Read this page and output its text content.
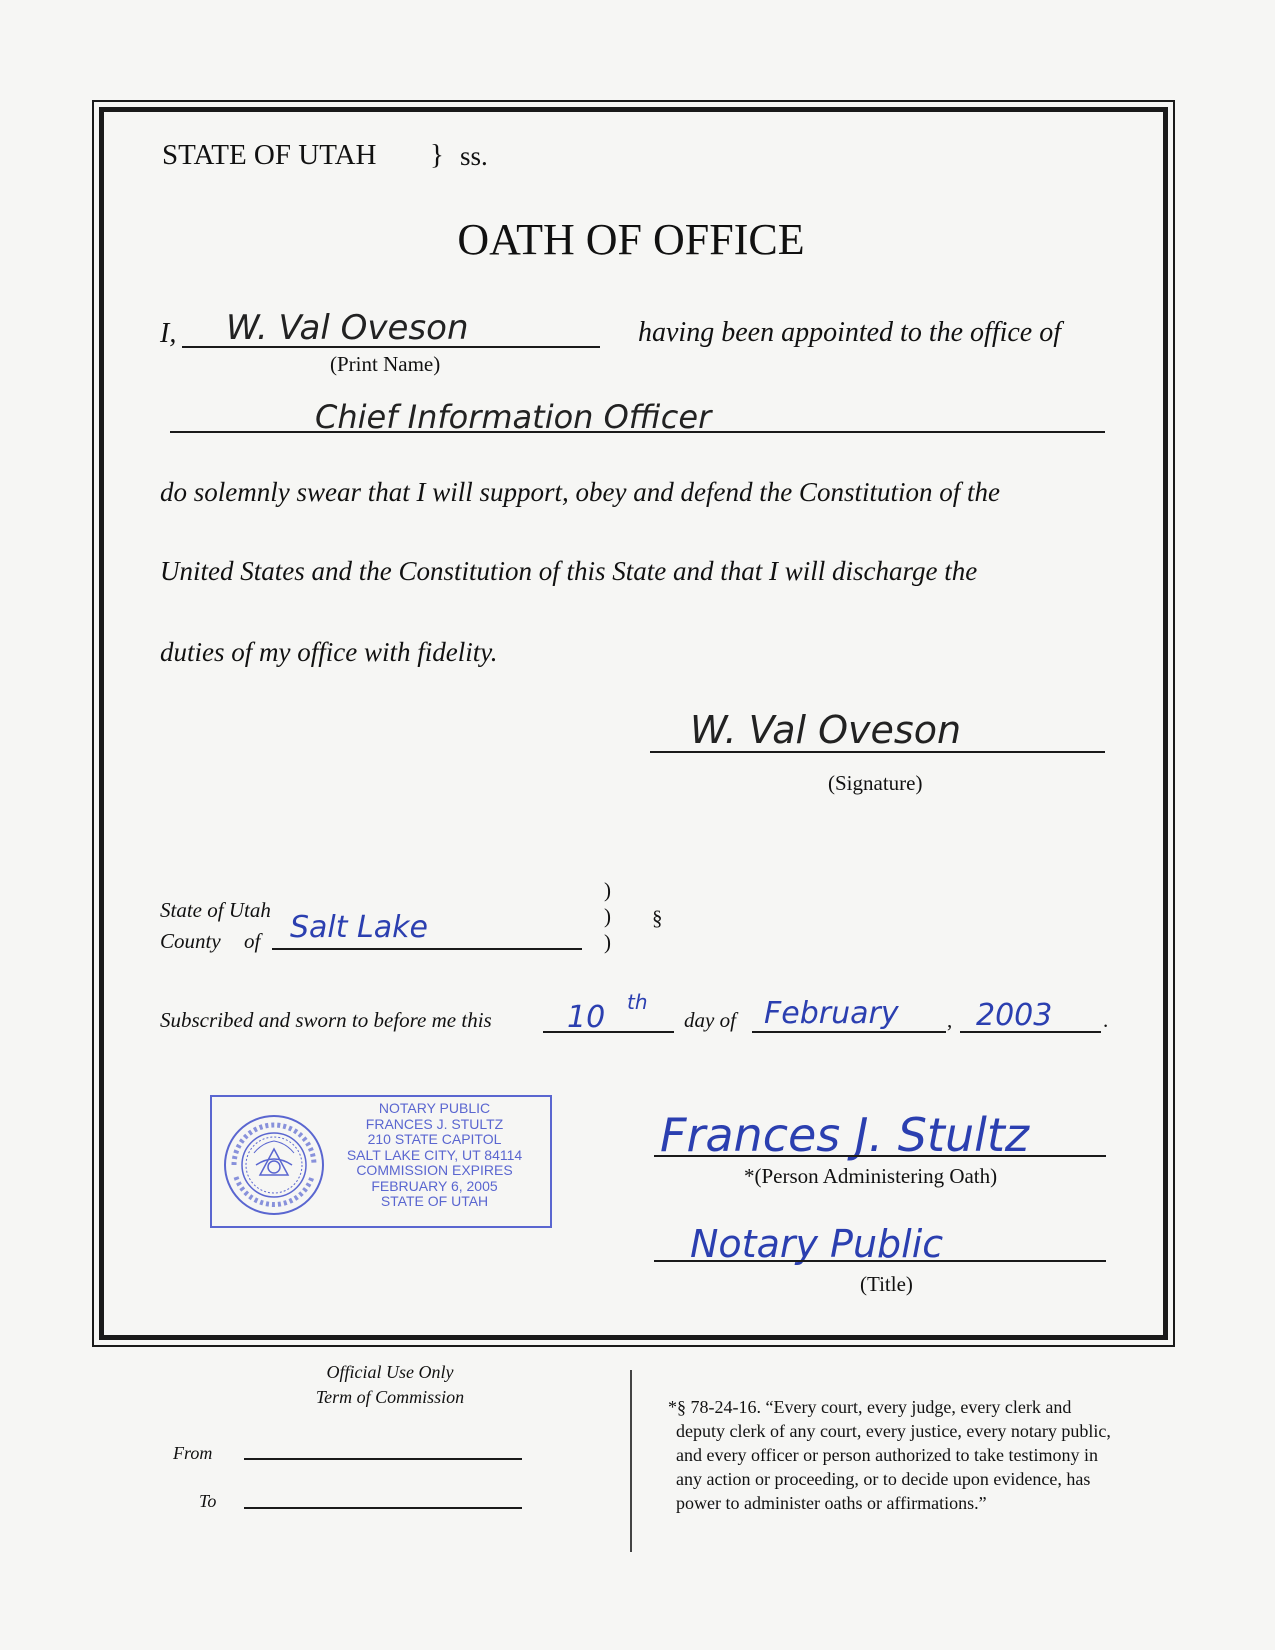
STATE OF UTAH } ss.
OATH OF OFFICE
I, W. Val Oveson	having been appointed to the office of
(Print Name)
Chief Information Officer
do solemnly swear that I will support, obey and defend the Constitution of the
United States and the Constitution of this State and that I will discharge the
duties of my office with fidelity.
W. Val Oveson
(Signature)
State of Utah
County of Salt Lake
)
)
)
§
Subscribed and sworn to before me this	10 th
day of February , 2003 .
NOTARY PUBLIC
FRANCES J. STULTZ
210 STATE CAPITOL
SALT LAKE CITY, UT 84114
COMMISSION EXPIRES
FEBRUARY 6, 2005
STATE OF UTAH
Frances J. Stultz
*(Person Administering Oath)
Notary Public
(Title)
Official Use Only
Term of Commission
From
To
*§ 78-24-16. “Every court, every judge, every clerk and
deputy clerk of any court, every justice, every notary public,
and every officer or person authorized to take testimony in
any action or proceeding, or to decide upon evidence, has
power to administer oaths or affirmations.”
